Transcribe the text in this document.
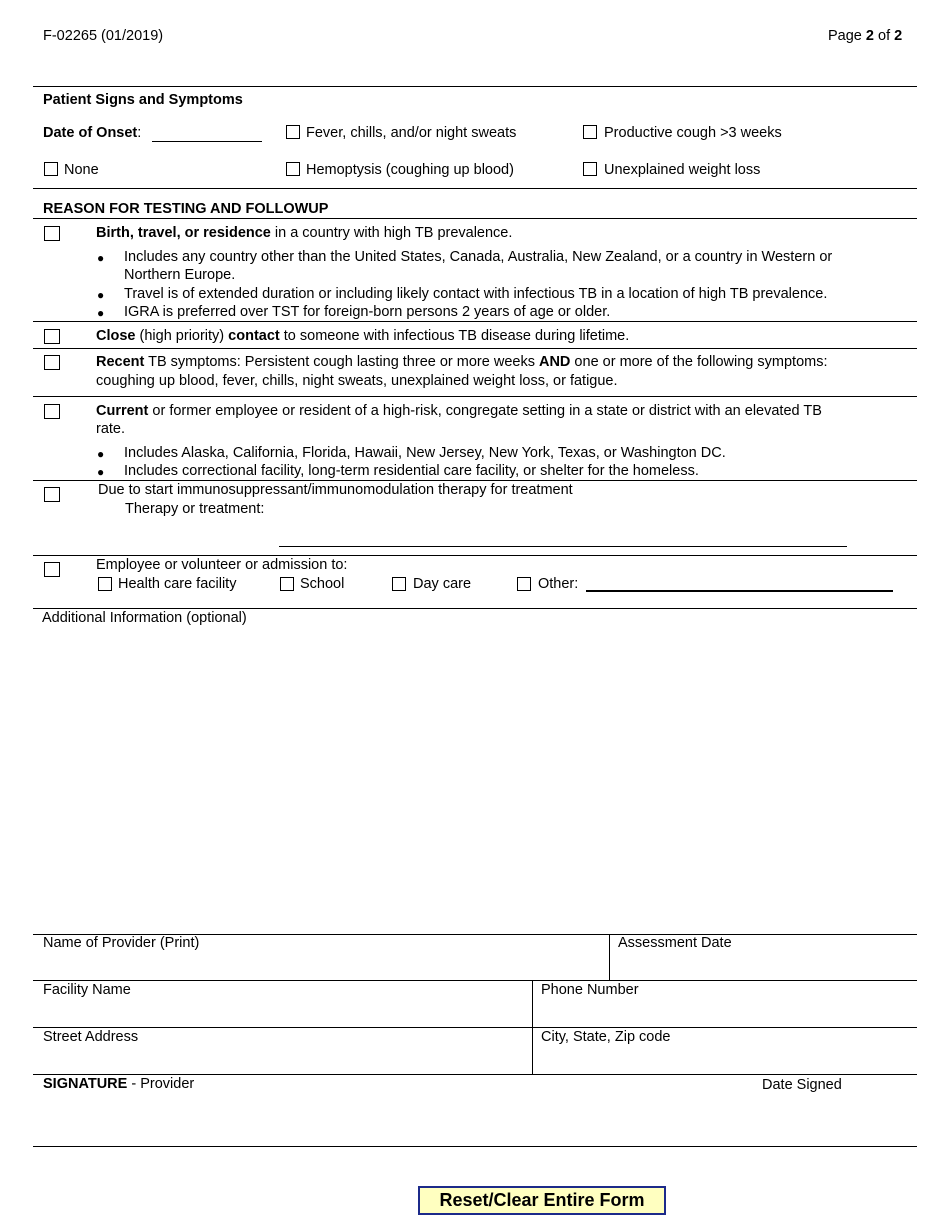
F-02265 (01/2019)	Page 2 of 2
Patient Signs and Symptoms
Date of Onset:	Fever, chills, and/or night sweats	Productive cough >3 weeks
None	Hemoptysis (coughing up blood)	Unexplained weight loss
REASON FOR TESTING AND FOLLOWUP
Birth, travel, or residence in a country with high TB prevalence.
● Includes any country other than the United States, Canada, Australia, New Zealand, or a country in Western or
Northern Europe.
● Travel is of extended duration or including likely contact with infectious TB in a location of high TB prevalence.
● IGRA is preferred over TST for foreign-born persons 2 years of age or older.
Close (high priority) contact to someone with infectious TB disease during lifetime.
Recent TB symptoms: Persistent cough lasting three or more weeks AND one or more of the following symptoms:
coughing up blood, fever, chills, night sweats, unexplained weight loss, or fatigue.
Current or former employee or resident of a high-risk, congregate setting in a state or district with an elevated TB
rate.
● Includes Alaska, California, Florida, Hawaii, New Jersey, New York, Texas, or Washington DC.
● Includes correctional facility, long-term residential care facility, or shelter for the homeless.
Due to start immunosuppressant/immunomodulation therapy for treatment
Therapy or treatment:
Employee or volunteer or admission to:
Health care facility	School	Day care	Other:
Additional Information (optional)
Name of Provider (Print)	Assessment Date
Facility Name	Phone Number
Street Address	City, State, Zip code
SIGNATURE - Provider	Date Signed
Reset/Clear Entire Form
